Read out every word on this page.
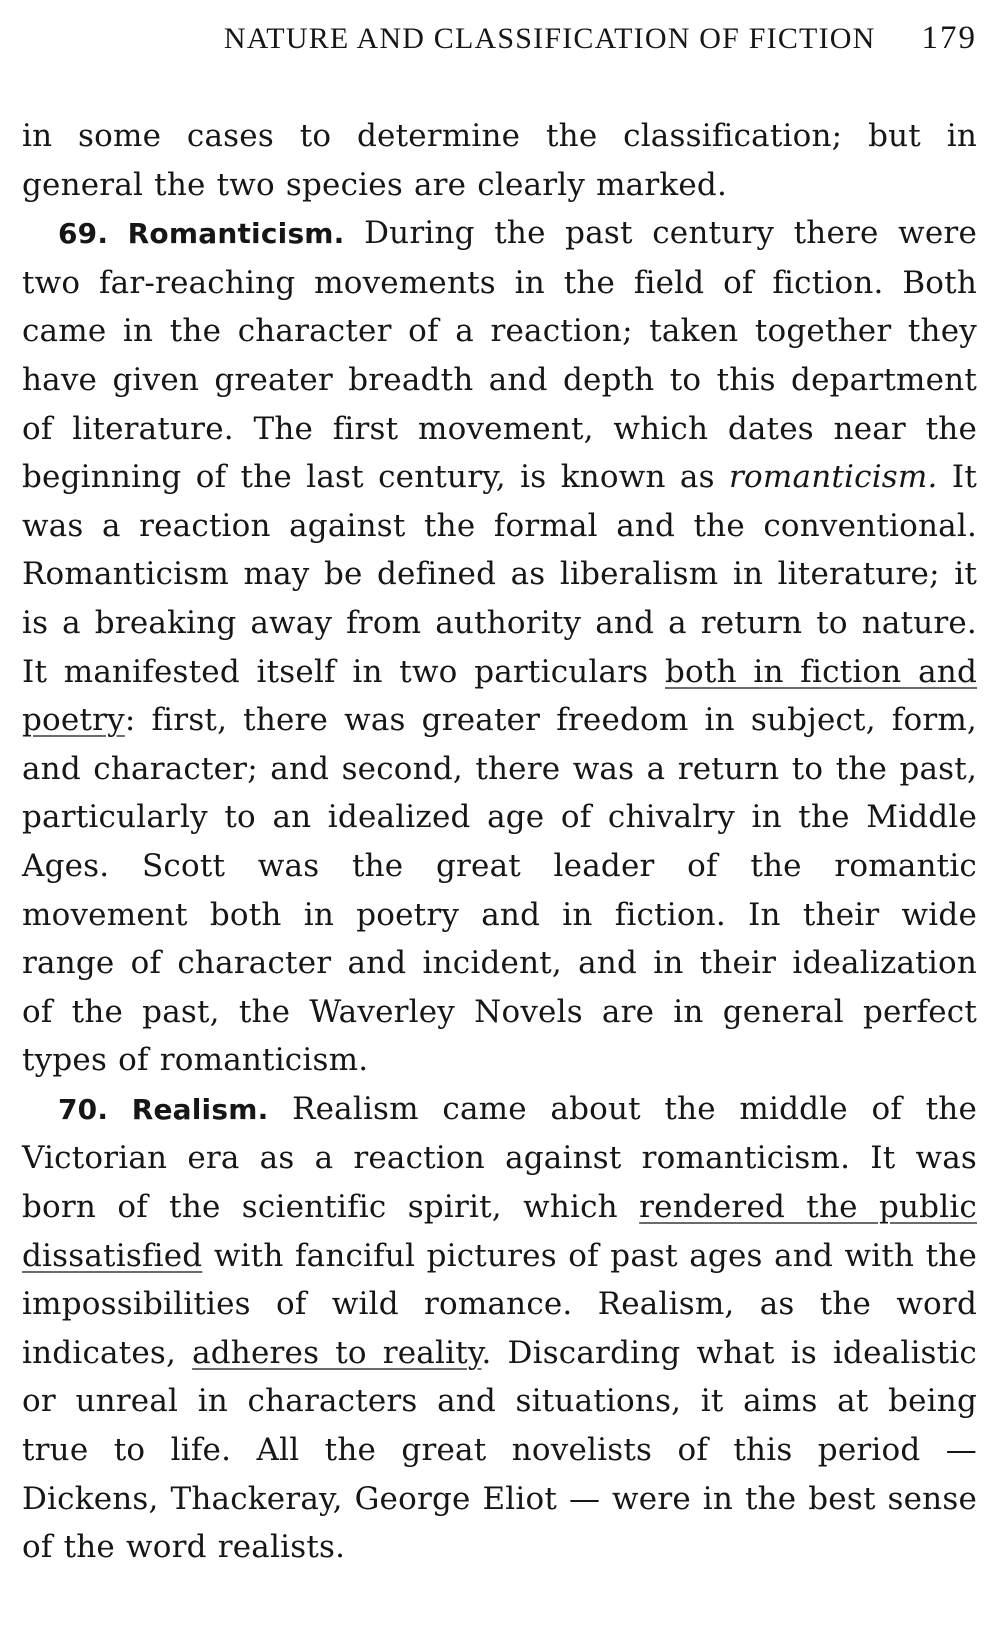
NATURE AND CLASSIFICATION OF FICTION 179

in some cases to determine the classification; but in general the two species are clearly marked.

69. Romanticism. During the past century there were two far-reaching movements in the field of fiction. Both came in the character of a reaction; taken together they have given greater breadth and depth to this department of literature. The first movement, which dates near the beginning of the last century, is known as romanticism. It was a reaction against the formal and the conventional. Romanticism may be defined as liberalism in literature; it is a breaking away from authority and a return to nature. It manifested itself in two particulars both in fiction and poetry: first, there was greater freedom in subject, form, and character; and second, there was a return to the past, particularly to an idealized age of chivalry in the Middle Ages. Scott was the great leader of the romantic movement both in poetry and in fiction. In their wide range of character and incident, and in their idealization of the past, the Waverley Novels are in general perfect types of romanticism.

70. Realism. Realism came about the middle of the Victorian era as a reaction against romanticism. It was born of the scientific spirit, which rendered the public dissatisfied with fanciful pictures of past ages and with the impossibilities of wild romance. Realism, as the word indicates, adheres to reality. Discarding what is idealistic or unreal in characters and situations, it aims at being true to life. All the great novelists of this period — Dickens, Thackeray, George Eliot — were in the best sense of the word realists.
